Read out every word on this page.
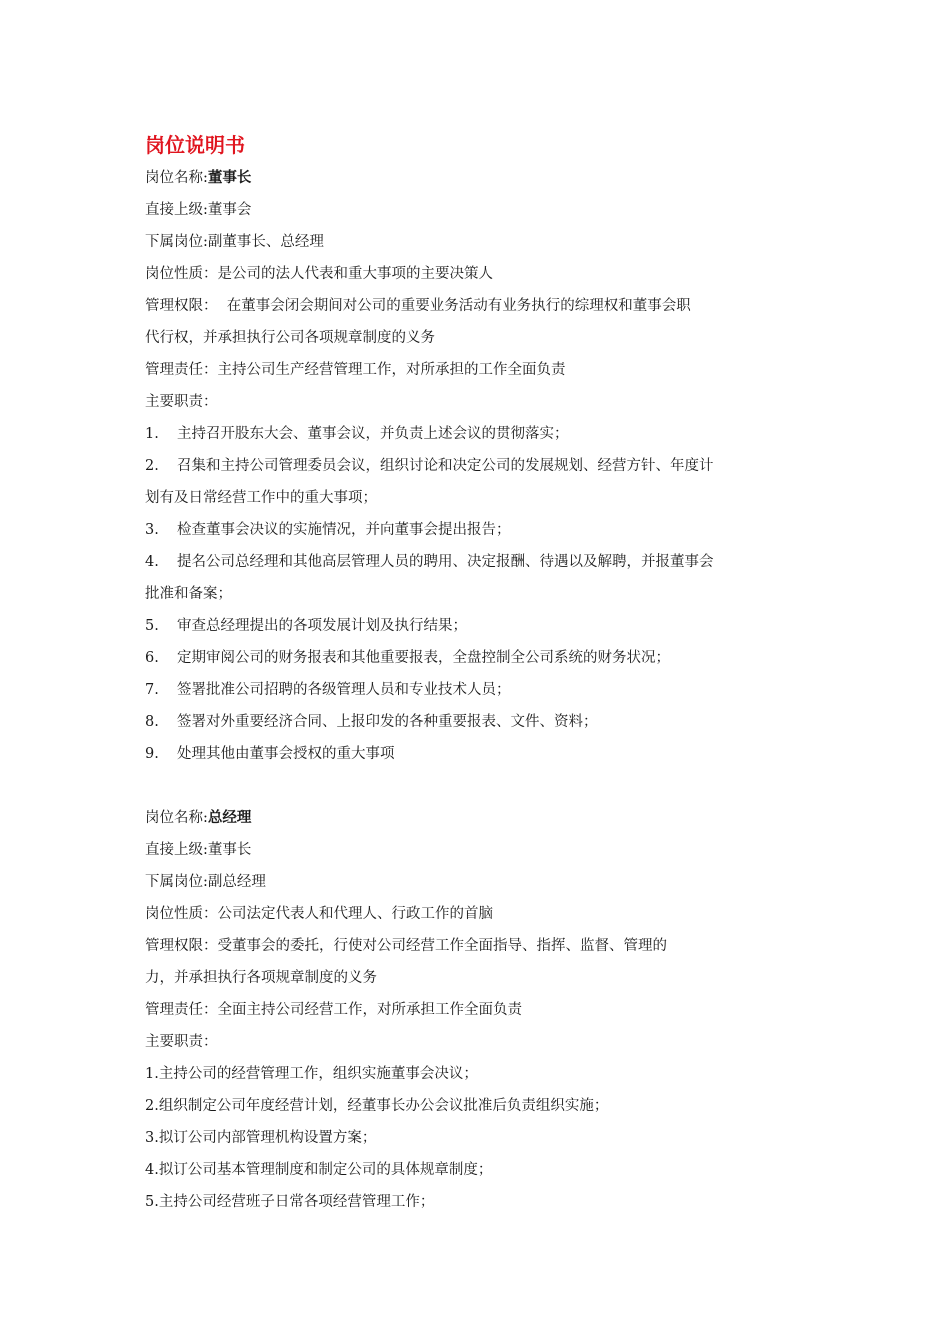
岗位说明书

岗位名称:董事长

直接上级:董事会

下属岗位:副董事长、总经理

岗位性质：是公司的法人代表和重大事项的主要决策人

管理权限：  在董事会闭会期间对公司的重要业务活动有业务执行的综理权和董事会职

代行权，并承担执行公司各项规章制度的义务

管理责任：主持公司生产经营管理工作，对所承担的工作全面负责

主要职责：

1. 主持召开股东大会、董事会议，并负责上述会议的贯彻落实；

2. 召集和主持公司管理委员会议，组织讨论和决定公司的发展规划、经营方针、年度计

划有及日常经营工作中的重大事项；

3. 检查董事会决议的实施情况，并向董事会提出报告；

4. 提名公司总经理和其他高层管理人员的聘用、决定报酬、待遇以及解聘，并报董事会

批准和备案；

5. 审查总经理提出的各项发展计划及执行结果；

6. 定期审阅公司的财务报表和其他重要报表，全盘控制全公司系统的财务状况；

7. 签署批准公司招聘的各级管理人员和专业技术人员；

8. 签署对外重要经济合同、上报印发的各种重要报表、文件、资料；

9. 处理其他由董事会授权的重大事项

岗位名称:总经理

直接上级:董事长

下属岗位:副总经理

岗位性质：公司法定代表人和代理人、行政工作的首脑

管理权限：受董事会的委托，行使对公司经营工作全面指导、指挥、监督、管理的

力，并承担执行各项规章制度的义务

管理责任：全面主持公司经营工作，对所承担工作全面负责

主要职责：

1.主持公司的经营管理工作，组织实施董事会决议；

2.组织制定公司年度经营计划，经董事长办公会议批准后负责组织实施；

3.拟订公司内部管理机构设置方案；

4.拟订公司基本管理制度和制定公司的具体规章制度；

5.主持公司经营班子日常各项经营管理工作；
